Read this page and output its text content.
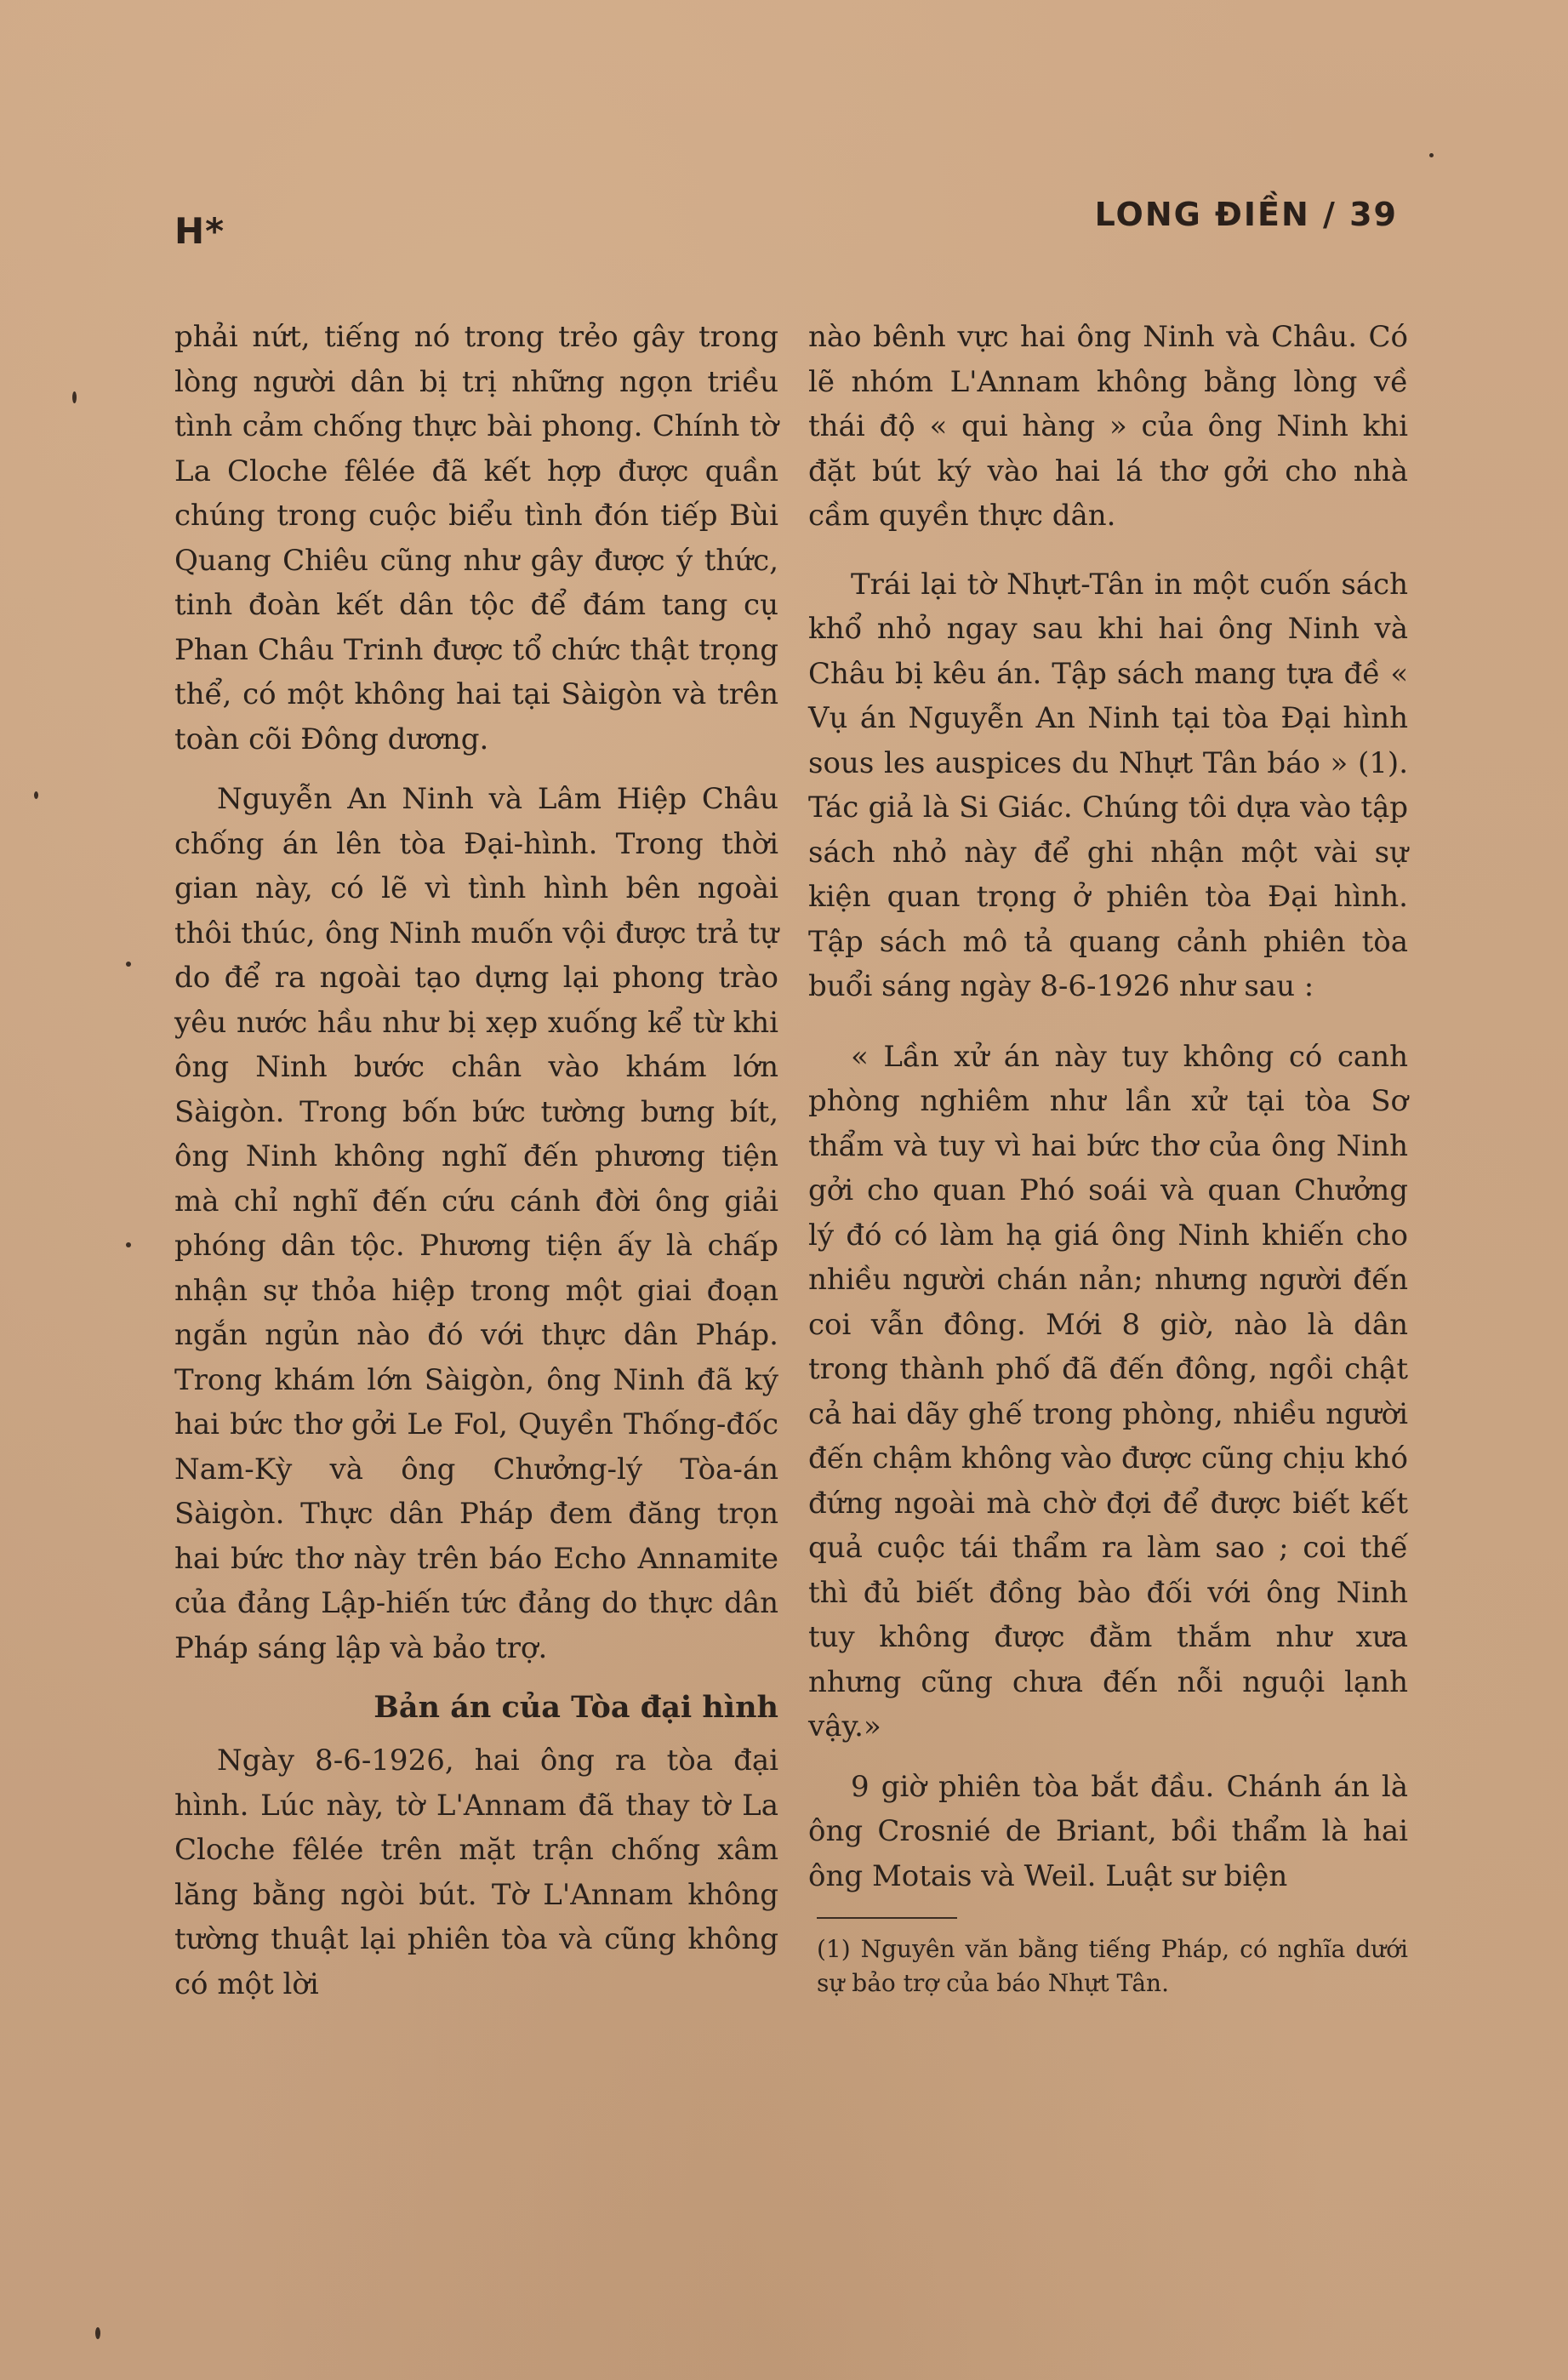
H*	LONG ĐIỀN / 39

phải nứt, tiếng nó trong trẻo gây trong lòng người dân bị trị những ngọn triều tình cảm chống thực bài phong. Chính tờ La Cloche fêlée đã kết hợp được quần chúng trong cuộc biểu tình đón tiếp Bùi Quang Chiêu cũng như gây được ý thức, tinh đoàn kết dân tộc để đám tang cụ Phan Châu Trinh được tổ chức thật trọng thể, có một không hai tại Sàigòn và trên toàn cõi Đông dương.

Nguyễn An Ninh và Lâm Hiệp Châu chống án lên tòa Đại-hình. Trong thời gian này, có lẽ vì tình hình bên ngoài thôi thúc, ông Ninh muốn vội được trả tự do để ra ngoài tạo dựng lại phong trào yêu nước hầu như bị xẹp xuống kể từ khi ông Ninh bước chân vào khám lớn Sàigòn. Trong bốn bức tường bưng bít, ông Ninh không nghĩ đến phương tiện mà chỉ nghĩ đến cứu cánh đời ông giải phóng dân tộc. Phương tiện ấy là chấp nhận sự thỏa hiệp trong một giai đoạn ngắn ngủn nào đó với thực dân Pháp. Trong khám lớn Sàigòn, ông Ninh đã ký hai bức thơ gởi Le Fol, Quyền Thống-đốc Nam-Kỳ và ông Chưởng-lý Tòa-án Sàigòn. Thực dân Pháp đem đăng trọn hai bức thơ này trên báo Echo Annamite của đảng Lập-hiến tức đảng do thực dân Pháp sáng lập và bảo trợ.

Bản án của Tòa đại hình

Ngày 8-6-1926, hai ông ra tòa đại hình. Lúc này, tờ L'Annam đã thay tờ La Cloche fêlée trên mặt trận chống xâm lăng bằng ngòi bút. Tờ L'Annam không tường thuật lại phiên tòa và cũng không có một lời

nào bênh vực hai ông Ninh và Châu. Có lẽ nhóm L'Annam không bằng lòng về thái độ « qui hàng » của ông Ninh khi đặt bút ký vào hai lá thơ gởi cho nhà cầm quyền thực dân.

Trái lại tờ Nhựt-Tân in một cuốn sách khổ nhỏ ngay sau khi hai ông Ninh và Châu bị kêu án. Tập sách mang tựa đề « Vụ án Nguyễn An Ninh tại tòa Đại hình sous les auspices du Nhựt Tân báo » (1). Tác giả là Si Giác. Chúng tôi dựa vào tập sách nhỏ này để ghi nhận một vài sự kiện quan trọng ở phiên tòa Đại hình. Tập sách mô tả quang cảnh phiên tòa buổi sáng ngày 8-6-1926 như sau :

« Lần xử án này tuy không có canh phòng nghiêm như lần xử tại tòa Sơ thẩm và tuy vì hai bức thơ của ông Ninh gởi cho quan Phó soái và quan Chưởng lý đó có làm hạ giá ông Ninh khiến cho nhiều người chán nản; nhưng người đến coi vẫn đông. Mới 8 giờ, nào là dân trong thành phố đã đến đông, ngồi chật cả hai dãy ghế trong phòng, nhiều người đến chậm không vào được cũng chịu khó đứng ngoài mà chờ đợi để được biết kết quả cuộc tái thẩm ra làm sao ; coi thế thì đủ biết đồng bào đối với ông Ninh tuy không được đằm thắm như xưa nhưng cũng chưa đến nỗi nguội lạnh vậy.»

9 giờ phiên tòa bắt đầu. Chánh án là ông Crosnié de Briant, bồi thẩm là hai ông Motais và Weil. Luật sư biện

(1) Nguyên văn bằng tiếng Pháp, có nghĩa dưới sự bảo trợ của báo Nhựt Tân.
